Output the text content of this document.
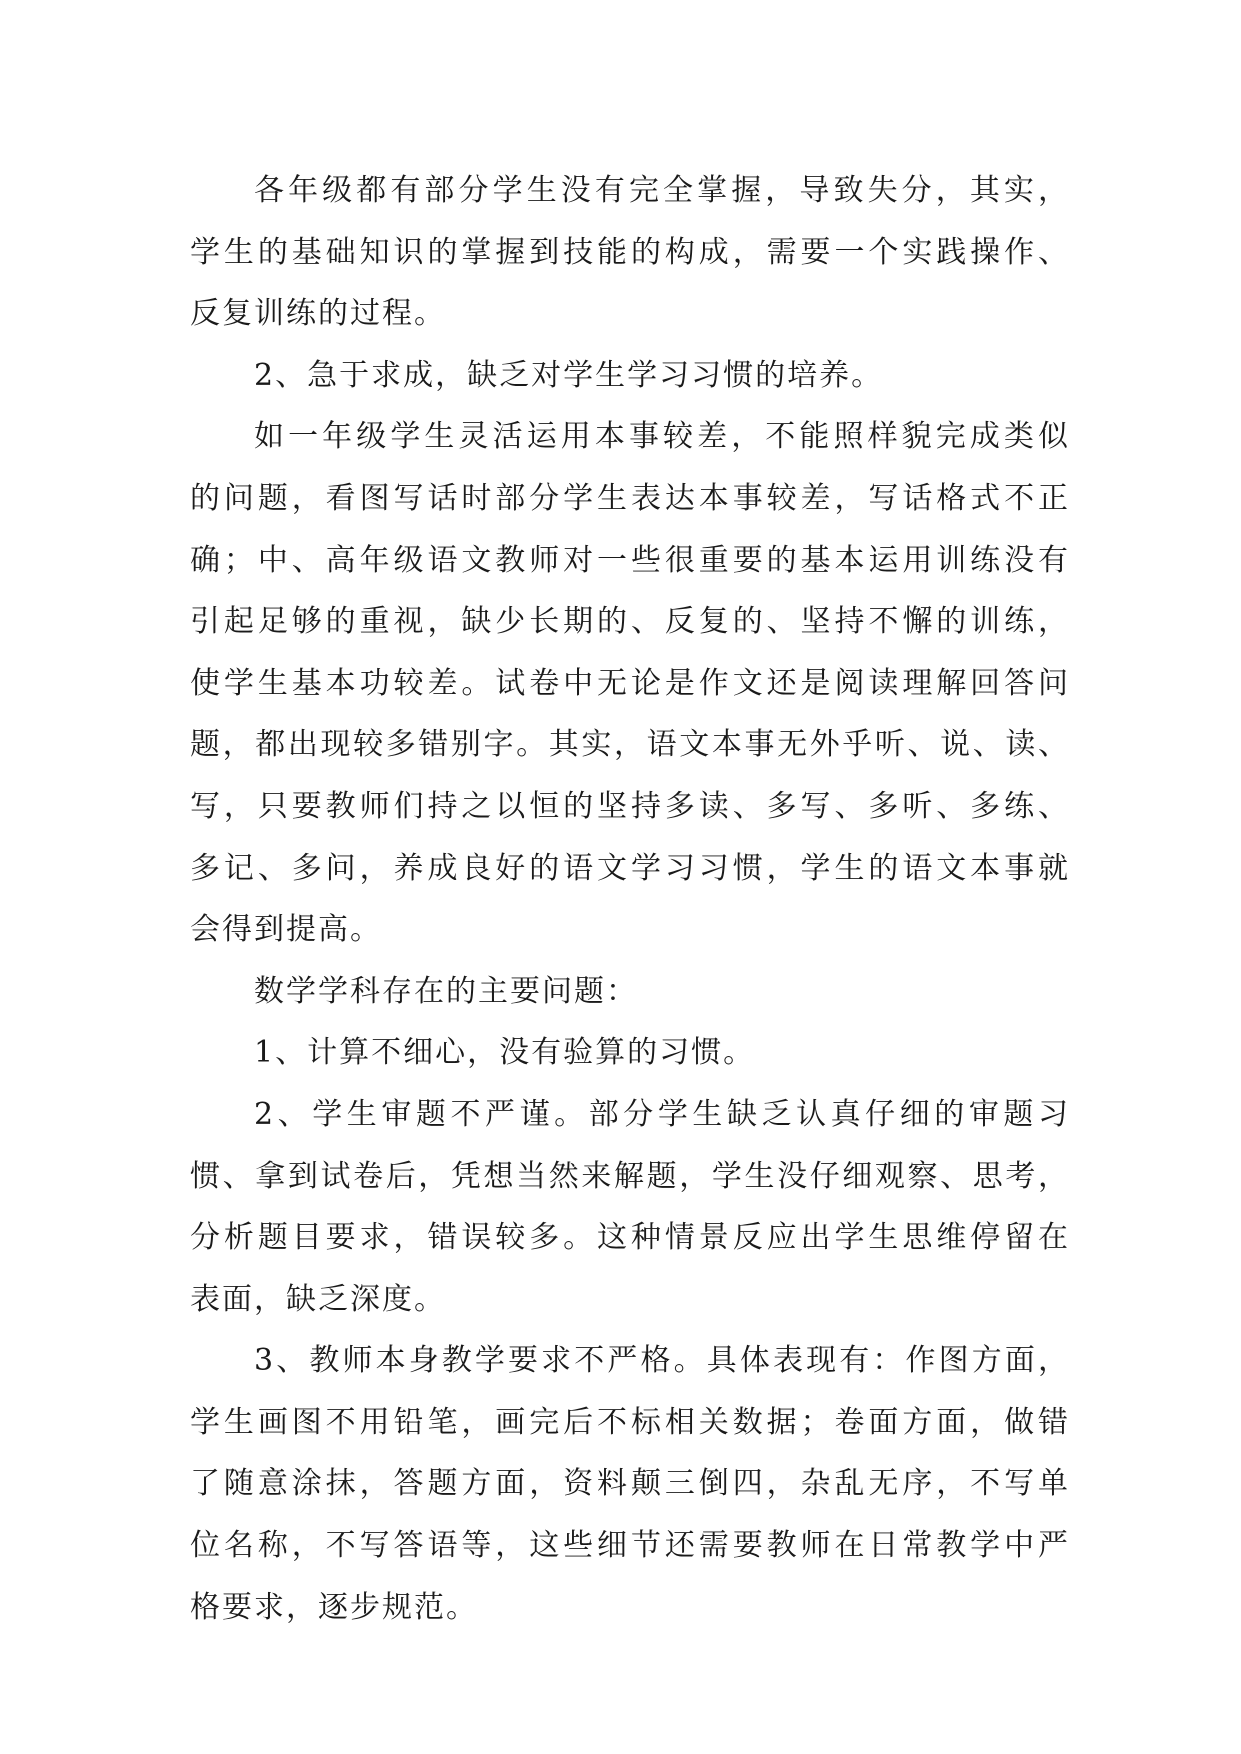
各年级都有部分学生没有完全掌握，导致失分，其实，
学生的基础知识的掌握到技能的构成，需要一个实践操作、
反复训练的过程。
2、急于求成，缺乏对学生学习习惯的培养。
如一年级学生灵活运用本事较差，不能照样貌完成类似
的问题，看图写话时部分学生表达本事较差，写话格式不正
确；中、高年级语文教师对一些很重要的基本运用训练没有
引起足够的重视，缺少长期的、反复的、坚持不懈的训练，
使学生基本功较差。试卷中无论是作文还是阅读理解回答问
题，都出现较多错别字。其实，语文本事无外乎听、说、读、
写，只要教师们持之以恒的坚持多读、多写、多听、多练、
多记、多问，养成良好的语文学习习惯，学生的语文本事就
会得到提高。
数学学科存在的主要问题：
1、计算不细心，没有验算的习惯。
2、学生审题不严谨。部分学生缺乏认真仔细的审题习
惯、拿到试卷后，凭想当然来解题，学生没仔细观察、思考，
分析题目要求，错误较多。这种情景反应出学生思维停留在
表面，缺乏深度。
3、教师本身教学要求不严格。具体表现有：作图方面，
学生画图不用铅笔，画完后不标相关数据；卷面方面，做错
了随意涂抹，答题方面，资料颠三倒四，杂乱无序，不写单
位名称，不写答语等，这些细节还需要教师在日常教学中严
格要求，逐步规范。
